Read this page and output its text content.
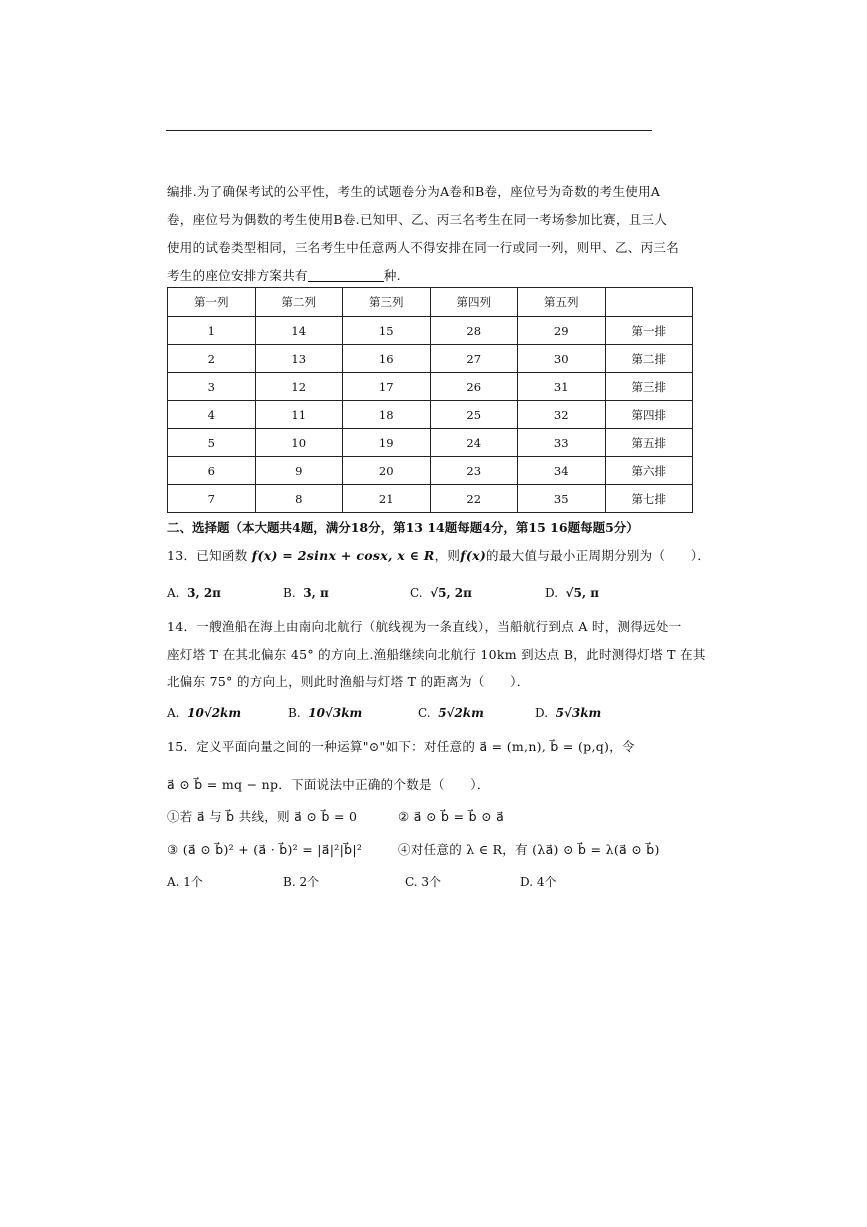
编排.为了确保考试的公平性，考生的试题卷分为A卷和B卷，座位号为奇数的考生使用A
卷，座位号为偶数的考生使用B卷.已知甲、乙、丙三名考生在同一考场参加比赛，且三人
使用的试卷类型相同，三名考生中任意两人不得安排在同一行或同一列，则甲、乙、丙三名
考生的座位安排方案共有	种.
第一列	第二列	第三列	第四列	第五列	
1	14	15	28	29	第一排
2	13	16	27	30	第二排
3	12	17	26	31	第三排
4	11	18	25	32	第四排
5	10	19	24	33	第五排
6	9	20	23	34	第六排
7	8	21	22	35	第七排
二、选择题（本大题共4题，满分18分，第13 14题每题4分，第15 16题每题5分）
13．已知函数 f(x) = 2sinx + cosx, x ∈ R，则f(x)的最大值与最小正周期分别为（　　）．
A. 3, 2π	B. 3, π	C. √5, 2π	D. √5, π
14．一艘渔船在海上由南向北航行（航线视为一条直线），当船航行到点 A 时，测得远处一
座灯塔 T 在其北偏东 45° 的方向上.渔船继续向北航行 10km 到达点 B，此时测得灯塔 T 在其
北偏东 75° 的方向上，则此时渔船与灯塔 T 的距离为（　　）．
A. 10√2km	B. 10√3km	C. 5√2km	D. 5√3km
15．定义平面向量之间的一种运算"⊙"如下：对任意的 a⃗ = (m,n), b⃗ = (p,q)，令
a⃗ ⊙ b⃗ = mq − np．下面说法中正确的个数是（　　）．
①若 a⃗ 与 b⃗ 共线，则 a⃗ ⊙ b⃗ = 0	② a⃗ ⊙ b⃗ = b⃗ ⊙ a⃗
③ (a⃗ ⊙ b⃗)² + (a⃗ · b⃗)² = |a⃗|²|b⃗|²	④对任意的 λ ∈ R，有 (λa⃗) ⊙ b⃗ = λ(a⃗ ⊙ b⃗)
A. 1个	B. 2个	C. 3个	D. 4个
